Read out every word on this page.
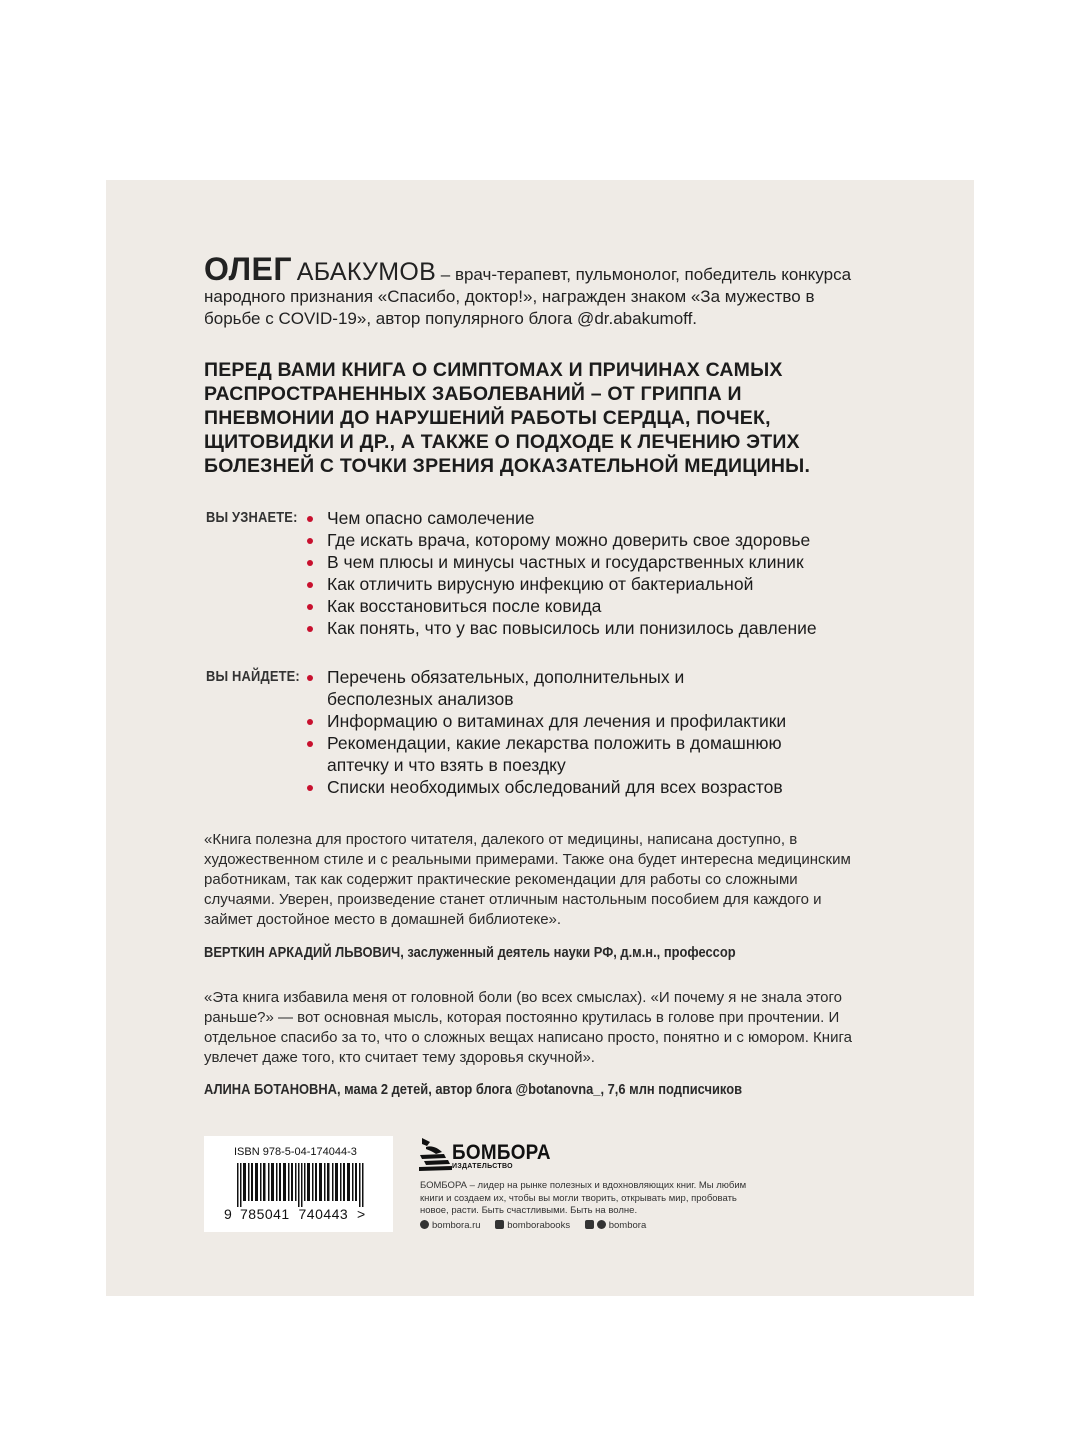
ОЛЕГ АБАКУМОВ – врач-терапевт, пульмонолог, победитель конкурса народного признания «Спасибо, доктор!», награжден знаком «За мужество в борьбе с COVID-19», автор популярного блога @dr.abakumoff.
ПЕРЕД ВАМИ КНИГА О СИМПТОМАХ И ПРИЧИНАХ САМЫХ РАСПРОСТРАНЕННЫХ ЗАБОЛЕВАНИЙ – ОТ ГРИППА И ПНЕВМОНИИ ДО НАРУШЕНИЙ РАБОТЫ СЕРДЦА, ПОЧЕК, ЩИТОВИДКИ И ДР., А ТАКЖЕ О ПОДХОДЕ К ЛЕЧЕНИЮ ЭТИХ БОЛЕЗНЕЙ С ТОЧКИ ЗРЕНИЯ ДОКАЗАТЕЛЬНОЙ МЕДИЦИНЫ.
ВЫ УЗНАЕТЕ:	Чем опасно самолечение
Где искать врача, которому можно доверить свое здоровье
В чем плюсы и минусы частных и государственных клиник
Как отличить вирусную инфекцию от бактериальной
Как восстановиться после ковида
Как понять, что у вас повысилось или понизилось давление
ВЫ НАЙДЕТЕ:	Перечень обязательных, дополнительных и бесполезных анализов
Информацию о витаминах для лечения и профилактики
Рекомендации, какие лекарства положить в домашнюю аптечку и что взять в поездку
Списки необходимых обследований для всех возрастов
«Книга полезна для простого читателя, далекого от медицины, написана доступно, в художественном стиле и с реальными примерами. Также она будет интересна медицинским работникам, так как содержит практические рекомендации для работы со сложными случаями. Уверен, произведение станет отличным настольным пособием для каждого и займет достойное место в домашней библиотеке».
ВЕРТКИН АРКАДИЙ ЛЬВОВИЧ, заслуженный деятель науки РФ, д.м.н., профессор
«Эта книга избавила меня от головной боли (во всех смыслах). «И почему я не знала этого раньше?» — вот основная мысль, которая постоянно крутилась в голове при прочтении. И отдельное спасибо за то, что о сложных вещах написано просто, понятно и с юмором. Книга увлечет даже того, кто считает тему здоровья скучной».
АЛИНА БОТАНОВНА, мама 2 детей, автор блога @botanovna_, 7,6 млн подписчиков
ISBN 978-5-04-174044-3
9 785041  740443  >
БОМБОРА
ИЗДАТЕЛЬСТВО
БОМБОРА – лидер на рынке полезных и вдохновляющих книг. Мы любим книги и создаем их, чтобы вы могли творить, открывать мир, пробовать новое, расти. Быть счастливыми. Быть на волне.
bombora.ru	bomborabooks	bombora
